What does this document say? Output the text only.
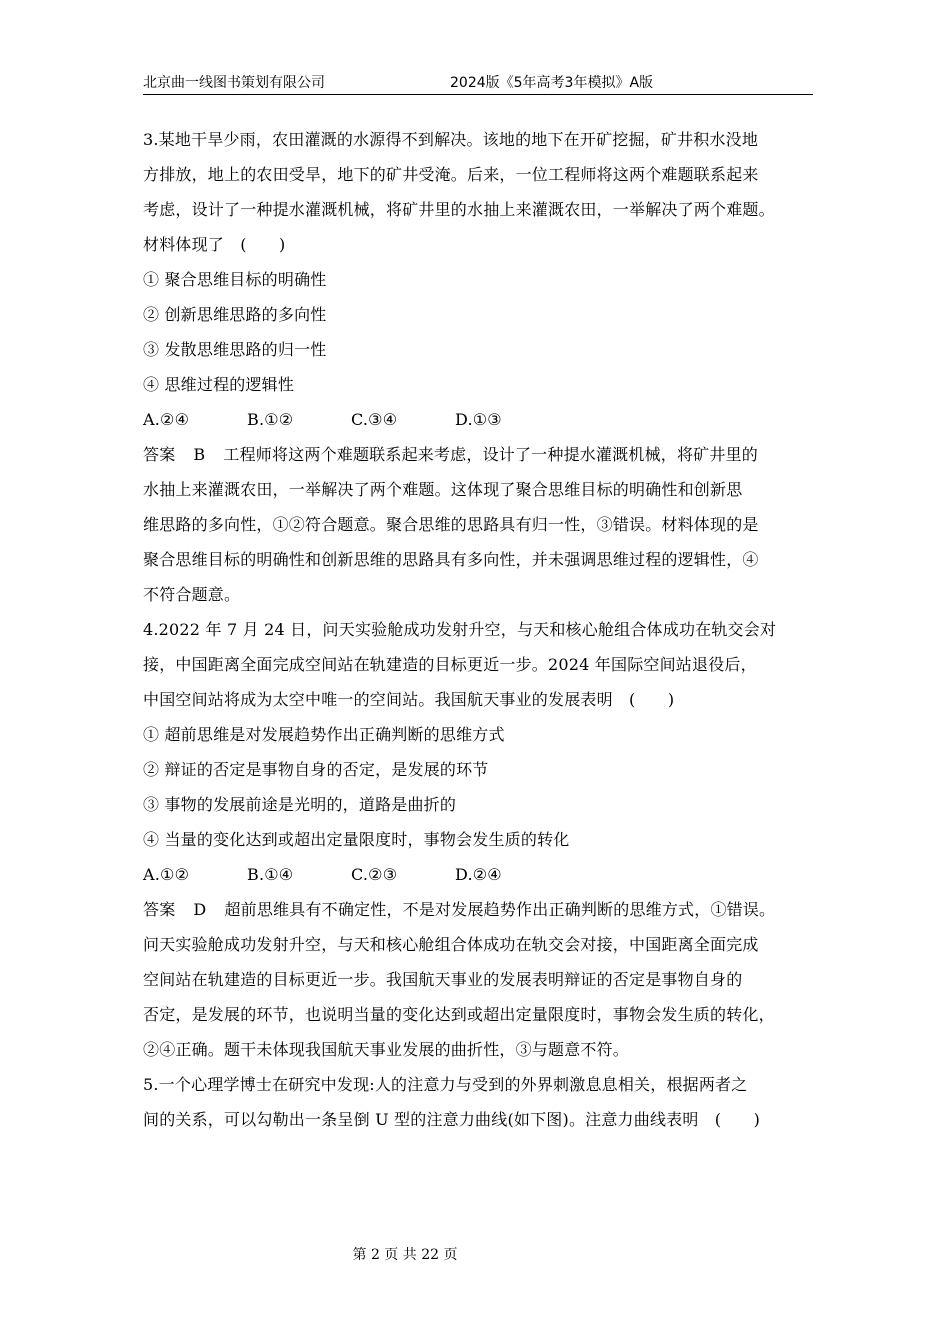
北京曲一线图书策划有限公司	2024版《5年高考3年模拟》A版
3.某地干旱少雨，农田灌溉的水源得不到解决。该地的地下在开矿挖掘，矿井积水没地
方排放，地上的农田受旱，地下的矿井受淹。后来，一位工程师将这两个难题联系起来
考虑，设计了一种提水灌溉机械，将矿井里的水抽上来灌溉农田，一举解决了两个难题。
材料体现了　(　　)
① 聚合思维目标的明确性
② 创新思维思路的多向性
③ 发散思维思路的归一性
④ 思维过程的逻辑性
A.②④	B.①②	C.③④	D.①③
答案 B 工程师将这两个难题联系起来考虑，设计了一种提水灌溉机械，将矿井里的
水抽上来灌溉农田，一举解决了两个难题。这体现了聚合思维目标的明确性和创新思
维思路的多向性，①②符合题意。聚合思维的思路具有归一性，③错误。材料体现的是
聚合思维目标的明确性和创新思维的思路具有多向性，并未强调思维过程的逻辑性，④
不符合题意。
4.2022 年 7 月 24 日，问天实验舱成功发射升空，与天和核心舱组合体成功在轨交会对
接，中国距离全面完成空间站在轨建造的目标更近一步。2024 年国际空间站退役后，
中国空间站将成为太空中唯一的空间站。我国航天事业的发展表明　(　　)
① 超前思维是对发展趋势作出正确判断的思维方式
② 辩证的否定是事物自身的否定，是发展的环节
③ 事物的发展前途是光明的，道路是曲折的
④ 当量的变化达到或超出定量限度时，事物会发生质的转化
A.①②	B.①④	C.②③	D.②④
答案 D 超前思维具有不确定性，不是对发展趋势作出正确判断的思维方式，①错误。
问天实验舱成功发射升空，与天和核心舱组合体成功在轨交会对接，中国距离全面完成
空间站在轨建造的目标更近一步。我国航天事业的发展表明辩证的否定是事物自身的
否定，是发展的环节，也说明当量的变化达到或超出定量限度时，事物会发生质的转化，
②④正确。题干未体现我国航天事业发展的曲折性，③与题意不符。
5.一个心理学博士在研究中发现:人的注意力与受到的外界刺激息息相关，根据两者之
间的关系，可以勾勒出一条呈倒 U 型的注意力曲线(如下图)。注意力曲线表明　(　　)
第 2 页 共 22 页
